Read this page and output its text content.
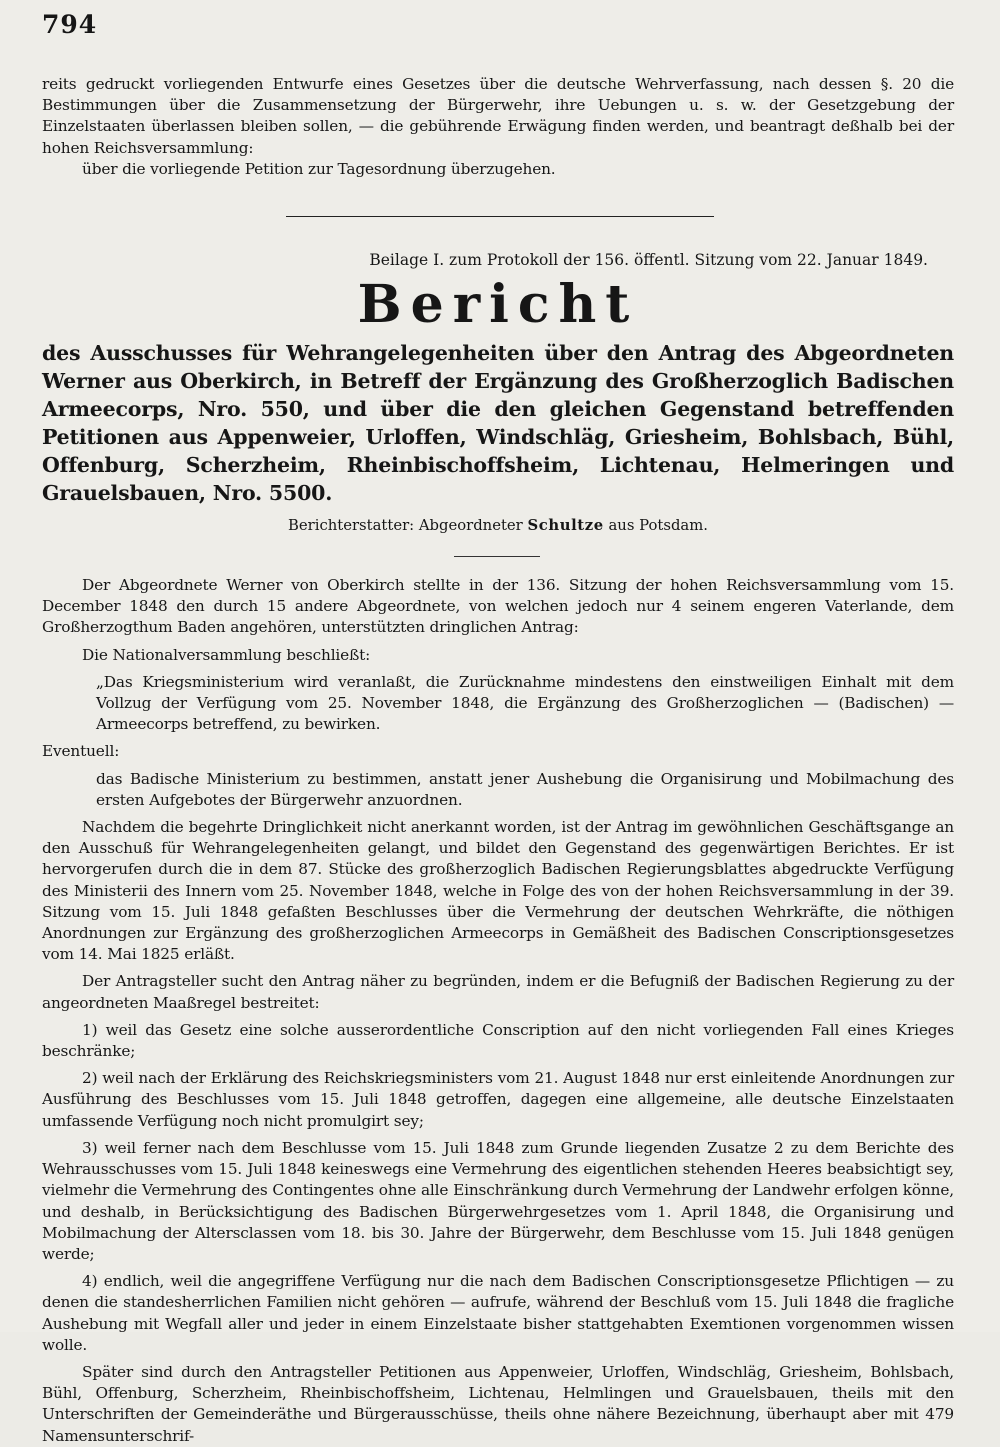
794

reits gedruckt vorliegenden Entwurfe eines Gesetzes über die deutsche Wehrverfassung, nach dessen §. 20 die Bestimmungen über die Zusammensetzung der Bürgerwehr, ihre Uebungen u. s. w. der Gesetzgebung der Einzelstaaten überlassen bleiben sollen, — die gebührende Erwägung finden werden, und beantragt deßhalb bei der hohen Reichsversammlung:

über die vorliegende Petition zur Tagesordnung überzugehen.

Beilage I. zum Protokoll der 156. öffentl. Sitzung vom 22. Januar 1849.

Bericht

des Ausschusses für Wehrangelegenheiten über den Antrag des Abgeordneten Werner aus Oberkirch, in Betreff der Ergänzung des Großherzoglich Badischen Armeecorps, Nro. 550, und über die den gleichen Gegenstand betreffenden Petitionen aus Appenweier, Urloffen, Windschläg, Griesheim, Bohlsbach, Bühl, Offenburg, Scherzheim, Rheinbischoffsheim, Lichtenau, Helmeringen und Grauelsbauen, Nro. 5500.

Berichterstatter: Abgeordneter Schultze aus Potsdam.

Der Abgeordnete Werner von Oberkirch stellte in der 136. Sitzung der hohen Reichsversammlung vom 15. December 1848 den durch 15 andere Abgeordnete, von welchen jedoch nur 4 seinem engeren Vaterlande, dem Großherzogthum Baden angehören, unterstützten dringlichen Antrag:

Die Nationalversammlung beschließt:

„Das Kriegsministerium wird veranlaßt, die Zurücknahme mindestens den einstweiligen Einhalt mit dem Vollzug der Verfügung vom 25. November 1848, die Ergänzung des Großherzoglichen — (Badischen) — Armeecorps betreffend, zu bewirken.

Eventuell:

das Badische Ministerium zu bestimmen, anstatt jener Aushebung die Organisirung und Mobilmachung des ersten Aufgebotes der Bürgerwehr anzuordnen.

Nachdem die begehrte Dringlichkeit nicht anerkannt worden, ist der Antrag im gewöhnlichen Geschäftsgange an den Ausschuß für Wehrangelegenheiten gelangt, und bildet den Gegenstand des gegenwärtigen Berichtes. Er ist hervorgerufen durch die in dem 87. Stücke des großherzoglich Badischen Regierungsblattes abgedruckte Verfügung des Ministerii des Innern vom 25. November 1848, welche in Folge des von der hohen Reichsversammlung in der 39. Sitzung vom 15. Juli 1848 gefaßten Beschlusses über die Vermehrung der deutschen Wehrkräfte, die nöthigen Anordnungen zur Ergänzung des großherzoglichen Armeecorps in Gemäßheit des Badischen Conscriptionsgesetzes vom 14. Mai 1825 erläßt.

Der Antragsteller sucht den Antrag näher zu begründen, indem er die Befugniß der Badischen Regierung zu der angeordneten Maaßregel bestreitet:

1) weil das Gesetz eine solche ausserordentliche Conscription auf den nicht vorliegenden Fall eines Krieges beschränke;

2) weil nach der Erklärung des Reichskriegsministers vom 21. August 1848 nur erst einleitende Anordnungen zur Ausführung des Beschlusses vom 15. Juli 1848 getroffen, dagegen eine allgemeine, alle deutsche Einzelstaaten umfassende Verfügung noch nicht promulgirt sey;

3) weil ferner nach dem Beschlusse vom 15. Juli 1848 zum Grunde liegenden Zusatze 2 zu dem Berichte des Wehrausschusses vom 15. Juli 1848 keineswegs eine Vermehrung des eigentlichen stehenden Heeres beabsichtigt sey, vielmehr die Vermehrung des Contingentes ohne alle Einschränkung durch Vermehrung der Landwehr erfolgen könne, und deshalb, in Berücksichtigung des Badischen Bürgerwehrgesetzes vom 1. April 1848, die Organisirung und Mobilmachung der Altersclassen vom 18. bis 30. Jahre der Bürgerwehr, dem Beschlusse vom 15. Juli 1848 genügen werde;

4) endlich, weil die angegriffene Verfügung nur die nach dem Badischen Conscriptionsgesetze Pflichtigen — zu denen die standesherrlichen Familien nicht gehören — aufrufe, während der Beschluß vom 15. Juli 1848 die fragliche Aushebung mit Wegfall aller und jeder in einem Einzelstaate bisher stattgehabten Exemtionen vorgenommen wissen wolle.

Später sind durch den Antragsteller Petitionen aus Appenweier, Urloffen, Windschläg, Griesheim, Bohlsbach, Bühl, Offenburg, Scherzheim, Rheinbischoffsheim, Lichtenau, Helmlingen und Grauelsbauen, theils mit den Unterschriften der Gemeinderäthe und Bürgerausschüsse, theils ohne nähere Bezeichnung, überhaupt aber mit 479 Namensunterschrif-
